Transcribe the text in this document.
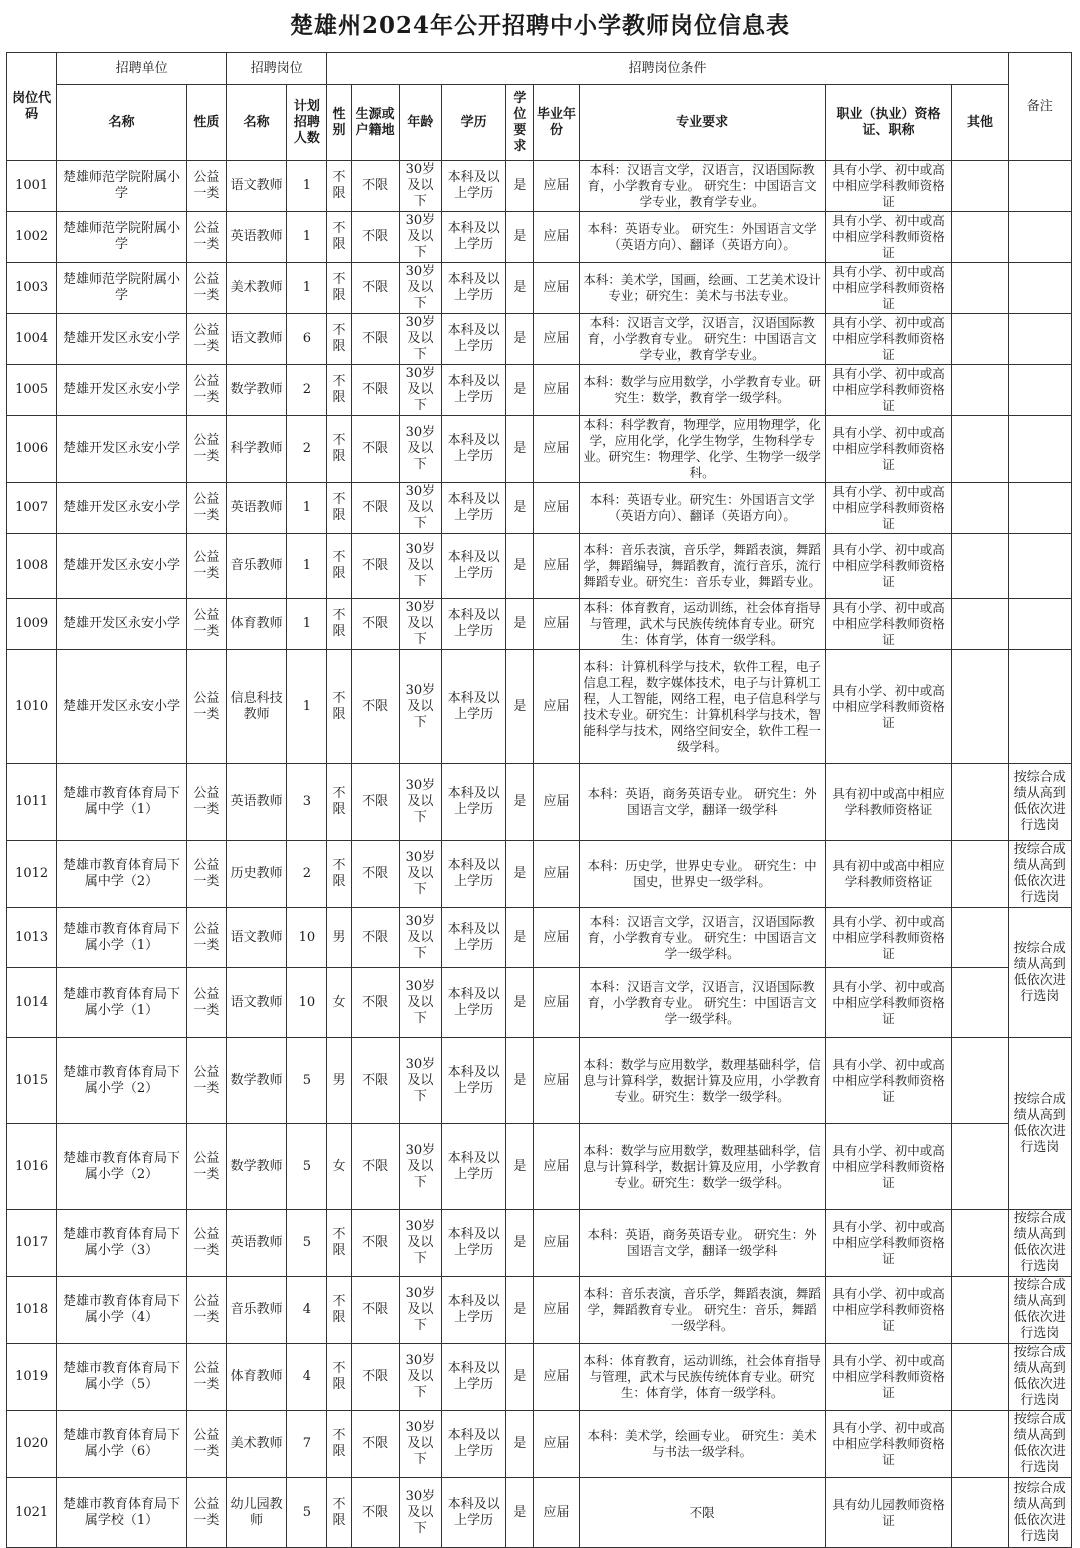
楚雄州2024年公开招聘中小学教师岗位信息表
岗位代码	招聘单位		招聘岗位		招聘岗位条件									备注
	名称	性质	名称	计划招聘人数	性别	生源或户籍地	年龄	学历	学位要求	毕业年份	专业要求	职业（执业）资格证、职称	其他	
1001	楚雄师范学院附属小学	公益一类	语文教师	1	不限	不限	30岁及以下	本科及以上学历	是	应届	本科：汉语言文学，汉语言，汉语国际教育，小学教育专业。 研究生：中国语言文学专业，教育学专业。	具有小学、初中或高中相应学科教师资格证		
1002	楚雄师范学院附属小学	公益一类	英语教师	1	不限	不限	30岁及以下	本科及以上学历	是	应届	本科：英语专业。 研究生：外国语言文学（英语方向）、翻译（英语方向）。	具有小学、初中或高中相应学科教师资格证		
1003	楚雄师范学院附属小学	公益一类	美术教师	1	不限	不限	30岁及以下	本科及以上学历	是	应届	本科：美术学，国画，绘画、工艺美术设计专业；研究生：美术与书法专业。	具有小学、初中或高中相应学科教师资格证		
1004	楚雄开发区永安小学	公益一类	语文教师	6	不限	不限	30岁及以下	本科及以上学历	是	应届	本科：汉语言文学，汉语言，汉语国际教育，小学教育专业。 研究生：中国语言文学专业，教育学专业。	具有小学、初中或高中相应学科教师资格证		
1005	楚雄开发区永安小学	公益一类	数学教师	2	不限	不限	30岁及以下	本科及以上学历	是	应届	本科：数学与应用数学，小学教育专业。研究生：数学，教育学一级学科。	具有小学、初中或高中相应学科教师资格证		
1006	楚雄开发区永安小学	公益一类	科学教师	2	不限	不限	30岁及以下	本科及以上学历	是	应届	本科：科学教育，物理学，应用物理学，化学，应用化学，化学生物学，生物科学专业。研究生：物理学、化学、生物学一级学科。	具有小学、初中或高中相应学科教师资格证		
1007	楚雄开发区永安小学	公益一类	英语教师	1	不限	不限	30岁及以下	本科及以上学历	是	应届	本科：英语专业。研究生：外国语言文学（英语方向）、翻译（英语方向）。	具有小学、初中或高中相应学科教师资格证		
1008	楚雄开发区永安小学	公益一类	音乐教师	1	不限	不限	30岁及以下	本科及以上学历	是	应届	本科：音乐表演，音乐学，舞蹈表演，舞蹈学，舞蹈编导，舞蹈教育，流行音乐，流行舞蹈专业。研究生：音乐专业，舞蹈专业。	具有小学、初中或高中相应学科教师资格证		
1009	楚雄开发区永安小学	公益一类	体育教师	1	不限	不限	30岁及以下	本科及以上学历	是	应届	本科：体育教育，运动训练，社会体育指导与管理，武术与民族传统体育专业。研究生：体育学，体育一级学科。	具有小学、初中或高中相应学科教师资格证		
1010	楚雄开发区永安小学	公益一类	信息科技教师	1	不限	不限	30岁及以下	本科及以上学历	是	应届	本科：计算机科学与技术，软件工程，电子信息工程，数字媒体技术，电子与计算机工程，人工智能，网络工程，电子信息科学与技术专业。研究生：计算机科学与技术，智能科学与技术，网络空间安全，软件工程一级学科。	具有小学、初中或高中相应学科教师资格证		
1011	楚雄市教育体育局下属中学（1）	公益一类	英语教师	3	不限	不限	30岁及以下	本科及以上学历	是	应届	本科：英语，商务英语专业。 研究生：外国语言文学，翻译一级学科	具有初中或高中相应学科教师资格证		按综合成绩从高到低依次进行选岗
1012	楚雄市教育体育局下属中学（2）	公益一类	历史教师	2	不限	不限	30岁及以下	本科及以上学历	是	应届	本科：历史学，世界史专业。 研究生：中国史，世界史一级学科。	具有初中或高中相应学科教师资格证		按综合成绩从高到低依次进行选岗
1013	楚雄市教育体育局下属小学（1）	公益一类	语文教师	10	男	不限	30岁及以下	本科及以上学历	是	应届	本科：汉语言文学，汉语言，汉语国际教育，小学教育专业。 研究生：中国语言文学一级学科。	具有小学、初中或高中相应学科教师资格证		按综合成绩从高到低依次进行选岗
1014	楚雄市教育体育局下属小学（1）	公益一类	语文教师	10	女	不限	30岁及以下	本科及以上学历	是	应届	本科：汉语言文学，汉语言，汉语国际教育，小学教育专业。 研究生：中国语言文学一级学科。	具有小学、初中或高中相应学科教师资格证		
1015	楚雄市教育体育局下属小学（2）	公益一类	数学教师	5	男	不限	30岁及以下	本科及以上学历	是	应届	本科：数学与应用数学，数理基础科学，信息与计算科学，数据计算及应用，小学教育专业。研究生：数学一级学科。	具有小学、初中或高中相应学科教师资格证		按综合成绩从高到低依次进行选岗
1016	楚雄市教育体育局下属小学（2）	公益一类	数学教师	5	女	不限	30岁及以下	本科及以上学历	是	应届	本科：数学与应用数学，数理基础科学，信息与计算科学，数据计算及应用，小学教育专业。研究生：数学一级学科。	具有小学、初中或高中相应学科教师资格证		
1017	楚雄市教育体育局下属小学（3）	公益一类	英语教师	5	不限	不限	30岁及以下	本科及以上学历	是	应届	本科：英语，商务英语专业。 研究生：外国语言文学，翻译一级学科	具有小学、初中或高中相应学科教师资格证		按综合成绩从高到低依次进行选岗
1018	楚雄市教育体育局下属小学（4）	公益一类	音乐教师	4	不限	不限	30岁及以下	本科及以上学历	是	应届	本科：音乐表演，音乐学，舞蹈表演，舞蹈学，舞蹈教育专业。 研究生：音乐，舞蹈一级学科。	具有小学、初中或高中相应学科教师资格证		按综合成绩从高到低依次进行选岗
1019	楚雄市教育体育局下属小学（5）	公益一类	体育教师	4	不限	不限	30岁及以下	本科及以上学历	是	应届	本科：体育教育，运动训练，社会体育指导与管理，武术与民族传统体育专业。研究生：体育学，体育一级学科。	具有小学、初中或高中相应学科教师资格证		按综合成绩从高到低依次进行选岗
1020	楚雄市教育体育局下属小学（6）	公益一类	美术教师	7	不限	不限	30岁及以下	本科及以上学历	是	应届	本科：美术学，绘画专业。 研究生：美术与书法一级学科。	具有小学、初中或高中相应学科教师资格证		按综合成绩从高到低依次进行选岗
1021	楚雄市教育体育局下属学校（1）	公益一类	幼儿园教师	5	不限	不限	30岁及以下	本科及以上学历	是	应届	不限	具有幼儿园教师资格证		按综合成绩从高到低依次进行选岗
